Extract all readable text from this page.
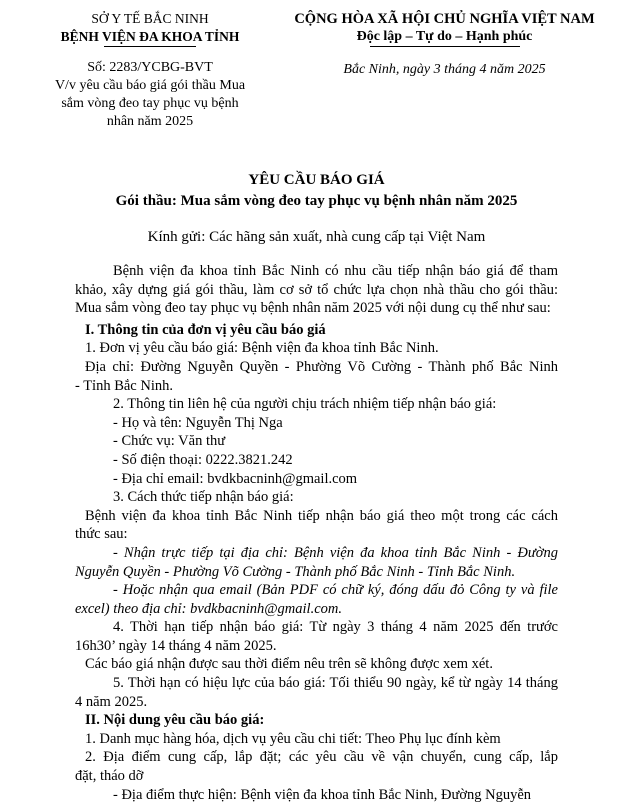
SỞ Y TẾ BẮC NINH
BỆNH VIỆN ĐA KHOA TỈNH
Số: 2283/YCBG-BVT
V/v yêu cầu báo giá gói thầu Mua
sắm vòng đeo tay phục vụ bệnh
nhân năm 2025
CỘNG HÒA XÃ HỘI CHỦ NGHĨA VIỆT NAM
Độc lập – Tự do – Hạnh phúc
Bắc Ninh, ngày 3 tháng 4 năm 2025
YÊU CẦU BÁO GIÁ
Gói thầu: Mua sắm vòng đeo tay phục vụ bệnh nhân năm 2025
Kính gửi: Các hãng sản xuất, nhà cung cấp tại Việt Nam

Bệnh viện đa khoa tỉnh Bắc Ninh có nhu cầu tiếp nhận báo giá để tham

khảo, xây dựng giá gói thầu, làm cơ sở tổ chức lựa chọn nhà thầu cho gói thầu:

Mua sắm vòng đeo tay phục vụ bệnh nhân năm 2025 với nội dung cụ thể như sau:

I. Thông tin của đơn vị yêu cầu báo giá

1. Đơn vị yêu cầu báo giá: Bệnh viện đa khoa tỉnh Bắc Ninh.

Địa chỉ: Đường Nguyễn Quyền - Phường Võ Cường - Thành phố Bắc Ninh

- Tỉnh Bắc Ninh.

2. Thông tin liên hệ của người chịu trách nhiệm tiếp nhận báo giá:

- Họ và tên: Nguyễn Thị Nga

- Chức vụ: Văn thư

- Số điện thoại: 0222.3821.242

- Địa chỉ email: bvdkbacninh@gmail.com

3. Cách thức tiếp nhận báo giá:

Bệnh viện đa khoa tỉnh Bắc Ninh tiếp nhận báo giá theo một trong các cách

thức sau:

- Nhận trực tiếp tại địa chỉ: Bệnh viện đa khoa tỉnh Bắc Ninh - Đường

Nguyễn Quyền - Phường Võ Cường - Thành phố Bắc Ninh - Tỉnh Bắc Ninh.

- Hoặc nhận qua email (Bản PDF có chữ ký, đóng dấu đỏ Công ty và file

excel) theo địa chỉ: bvdkbacninh@gmail.com.

4. Thời hạn tiếp nhận báo giá: Từ ngày 3 tháng 4 năm 2025 đến trước

16h30’ ngày 14 tháng 4 năm 2025.

Các báo giá nhận được sau thời điểm nêu trên sẽ không được xem xét.

5. Thời hạn có hiệu lực của báo giá: Tối thiểu 90 ngày, kể từ ngày 14 tháng

4 năm 2025.

II. Nội dung yêu cầu báo giá:

1. Danh mục hàng hóa, dịch vụ yêu cầu chi tiết: Theo Phụ lục đính kèm

2. Địa điểm cung cấp, lắp đặt; các yêu cầu về vận chuyển, cung cấp, lắp

đặt, tháo dỡ

- Địa điểm thực hiện: Bệnh viện đa khoa tỉnh Bắc Ninh, Đường Nguyễn
